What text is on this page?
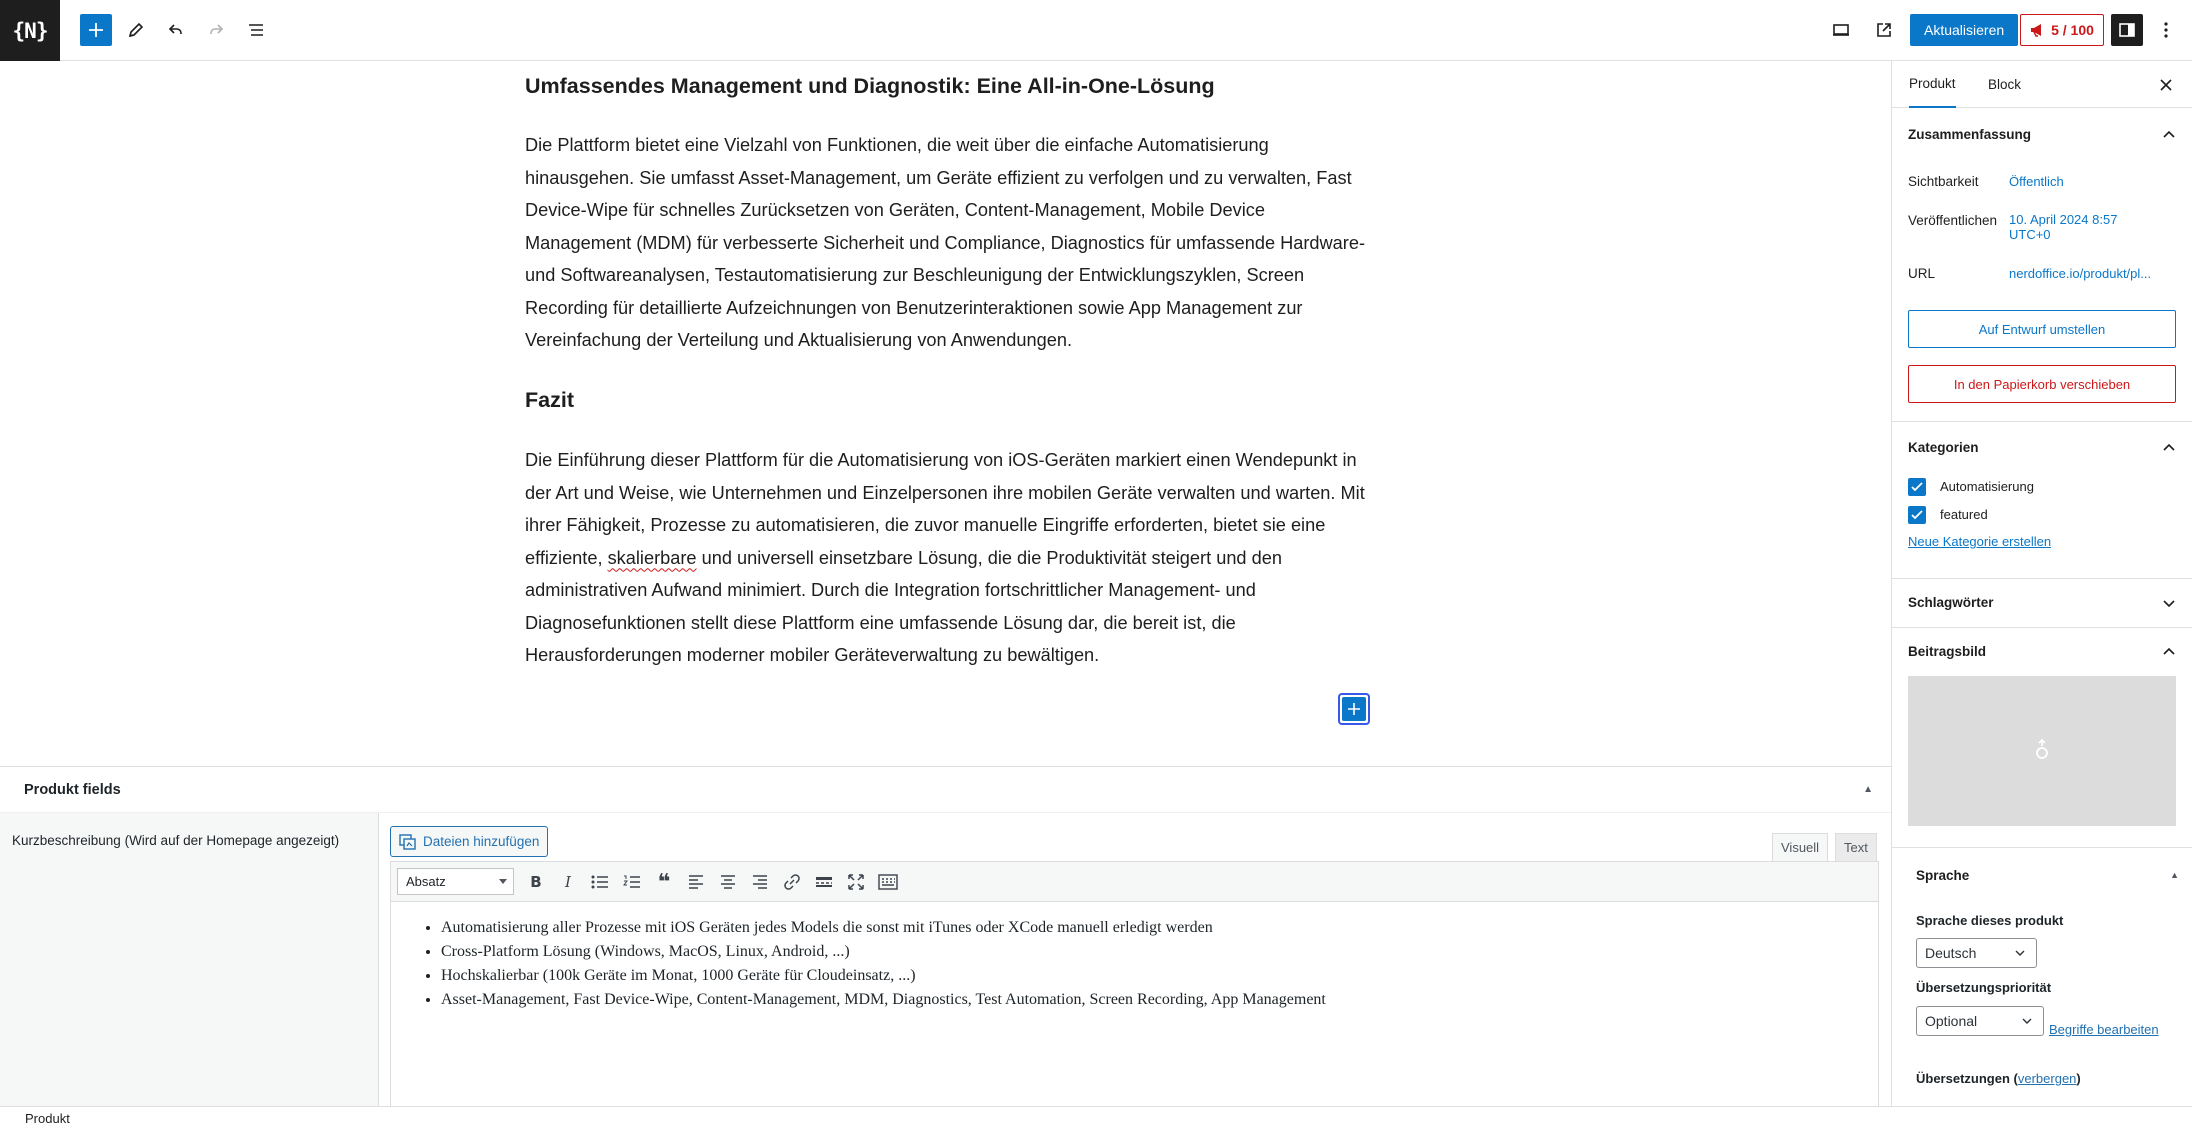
{N}	Aktualisieren	5 / 100
Umfassendes Management und Diagnostik: Eine All-in-One-Lösung

Die Plattform bietet eine Vielzahl von Funktionen, die weit über die einfache Automatisierung hinausgehen. Sie umfasst Asset-Management, um Geräte effizient zu verfolgen und zu verwalten, Fast Device-Wipe für schnelles Zurücksetzen von Geräten, Content-Management, Mobile Device Management (MDM) für verbesserte Sicherheit und Compliance, Diagnostics für umfassende Hardware- und Softwareanalysen, Testautomatisierung zur Beschleunigung der Entwicklungszyklen, Screen Recording für detaillierte Aufzeichnungen von Benutzerinteraktionen sowie App Management zur Vereinfachung der Verteilung und Aktualisierung von Anwendungen.

Fazit

Die Einführung dieser Plattform für die Automatisierung von iOS-Geräten markiert einen Wendepunkt in der Art und Weise, wie Unternehmen und Einzelpersonen ihre mobilen Geräte verwalten und warten. Mit ihrer Fähigkeit, Prozesse zu automatisieren, die zuvor manuelle Eingriffe erforderten, bietet sie eine effiziente, skalierbare und universell einsetzbare Lösung, die die Produktivität steigert und den administrativen Aufwand minimiert. Durch die Integration fortschrittlicher Management- und Diagnosefunktionen stellt diese Plattform eine umfassende Lösung dar, die bereit ist, die Herausforderungen moderner mobiler Geräteverwaltung zu bewältigen.

Produkt fields	▲
Kurzbeschreibung (Wird auf der Homepage angezeigt)	Dateien hinzufügen	Visuell	Text
Absatz	B	I	❝
• Automatisierung aller Prozesse mit iOS Geräten jedes Models die sonst mit iTunes oder XCode manuell erledigt werden
• Cross-Platform Lösung (Windows, MacOS, Linux, Android, ...)
• Hochskalierbar (100k Geräte im Monat, 1000 Geräte für Cloudeinsatz, ...)
• Asset-Management, Fast Device-Wipe, Content-Management, MDM, Diagnostics, Test Automation, Screen Recording, App Management
Produkt
Produkt Block
Zusammenfassung
Sichtbarkeit Öffentlich
Veröffentlichen 10. April 2024 8:57
UTC+0
URL	nerdoffice.io/produkt/pl...
Auf Entwurf umstellen
In den Papierkorb verschieben
Kategorien
Automatisierung
featured
Neue Kategorie erstellen
Schlagwörter
Beitragsbild
Sprache	▲
Sprache dieses produkt
Deutsch
Übersetzungspriorität
Optional
Begriffe bearbeiten
Übersetzungen (verbergen)
